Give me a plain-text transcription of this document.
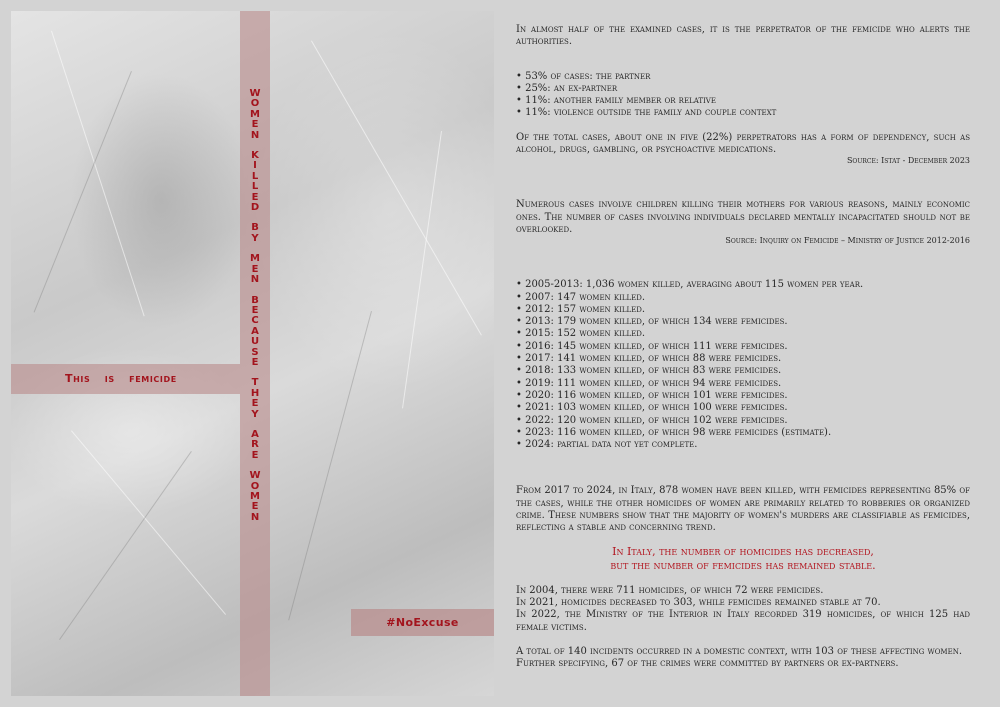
This is femicide
W
O
M
E
N
K
I
L
L
E
D
B
Y
M
E
N
B
E
C
A
U
S
E
T
H
E
Y
A
R
E
W
O
M
E
N
#NoExcuse

In almost half of the examined cases, it is the perpetrator of the femicide who alerts the authorities.

• 53% of cases: the partner
• 25%: an ex-partner
• 11%: another family member or relative
• 11%: violence outside the family and couple context

Of the total cases, about one in five (22%) perpetrators has a form of dependency, such as alcohol, drugs, gambling, or psychoactive medications.

Source: Istat - December 2023

Numerous cases involve children killing their mothers for various reasons, mainly economic ones. The number of cases involving individuals declared mentally incapacitated should not be overlooked.

Source: Inquiry on Femicide – Ministry of Justice 2012-2016

• 2005-2013: 1,036 women killed, averaging about 115 women per year.
• 2007: 147 women killed.
• 2012: 157 women killed.
• 2013: 179 women killed, of which 134 were femicides.
• 2015: 152 women killed.
• 2016: 145 women killed, of which 111 were femicides.
• 2017: 141 women killed, of which 88 were femicides.
• 2018: 133 women killed, of which 83 were femicides.
• 2019: 111 women killed, of which 94 were femicides.
• 2020: 116 women killed, of which 101 were femicides.
• 2021: 103 women killed, of which 100 were femicides.
• 2022: 120 women killed, of which 102 were femicides.
• 2023: 116 women killed, of which 98 were femicides (estimate).
• 2024: partial data not yet complete.

From 2017 to 2024, in Italy, 878 women have been killed, with femicides representing 85% of the cases, while the other homicides of women are primarily related to robberies or organized crime. These numbers show that the majority of women's murders are classifiable as femicides, reflecting a stable and concerning trend.

In Italy, the number of homicides has decreased,

but the number of femicides has remained stable.

In 2004, there were 711 homicides, of which 72 were femicides.

In 2021, homicides decreased to 303, while femicides remained stable at 70.

In 2022, the Ministry of the Interior in Italy recorded 319 homicides, of which 125 had female victims.

A total of 140 incidents occurred in a domestic context, with 103 of these affecting women.

Further specifying, 67 of the crimes were committed by partners or ex-partners.
